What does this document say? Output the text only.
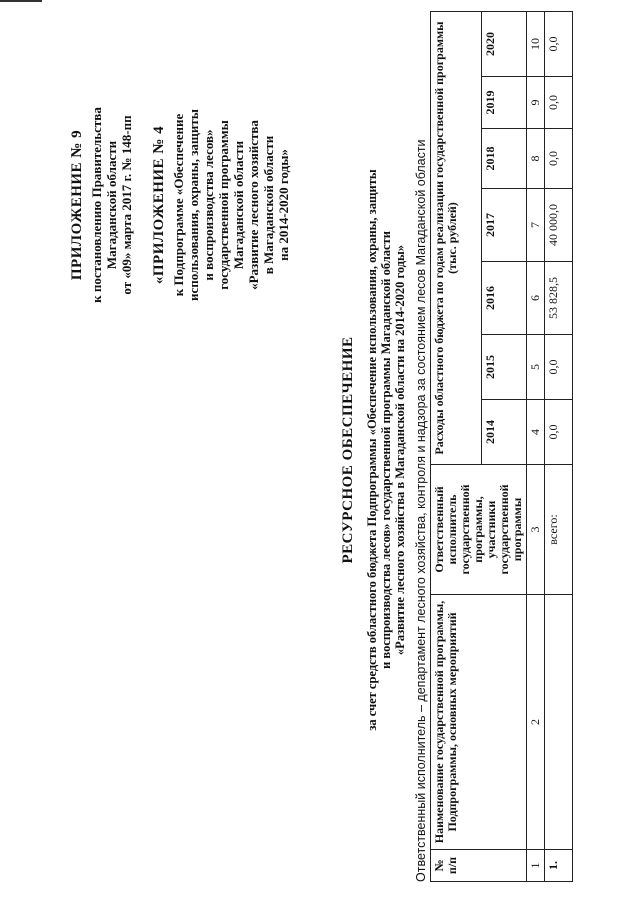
ПРИЛОЖЕНИЕ № 9 к постановлению Правительства Магаданской области от «09» марта 2017 г. № 148-пп «ПРИЛОЖЕНИЕ № 4 к Подпрограмме «Обеспечение использования, охраны, защиты и воспроизводства лесов» государственной программы Магаданской области «Развитие лесного хозяйства в Магаданской области на 2014-2020 годы»
РЕСУРСНОЕ ОБЕСПЕЧЕНИЕ за счет средств областного бюджета Подпрограммы «Обеспечение использования, охраны, защиты и воспроизводства лесов» государственной программы Магаданской области «Развитие лесного хозяйства в Магаданской области на 2014-2020 годы» Ответственный исполнитель – департамент лесного хозяйства, контроля и надзора за состоянием лесов Магаданской области № п/п	Наименование государственной программы, Подпрограммы, основных мероприятий	Ответственный исполнитель государственной программы, участники государственной программы	Расходы областного бюджета по годам реализации государственной программы (тыс. рублей)						
			2014	2015	2016	2017	2018	2019	2020
1	2	3	4	5	6	7	8	9	10
1.		всего:	0,0	0,0	53 828,5	40 000,0	0,0	0,0	0,0
